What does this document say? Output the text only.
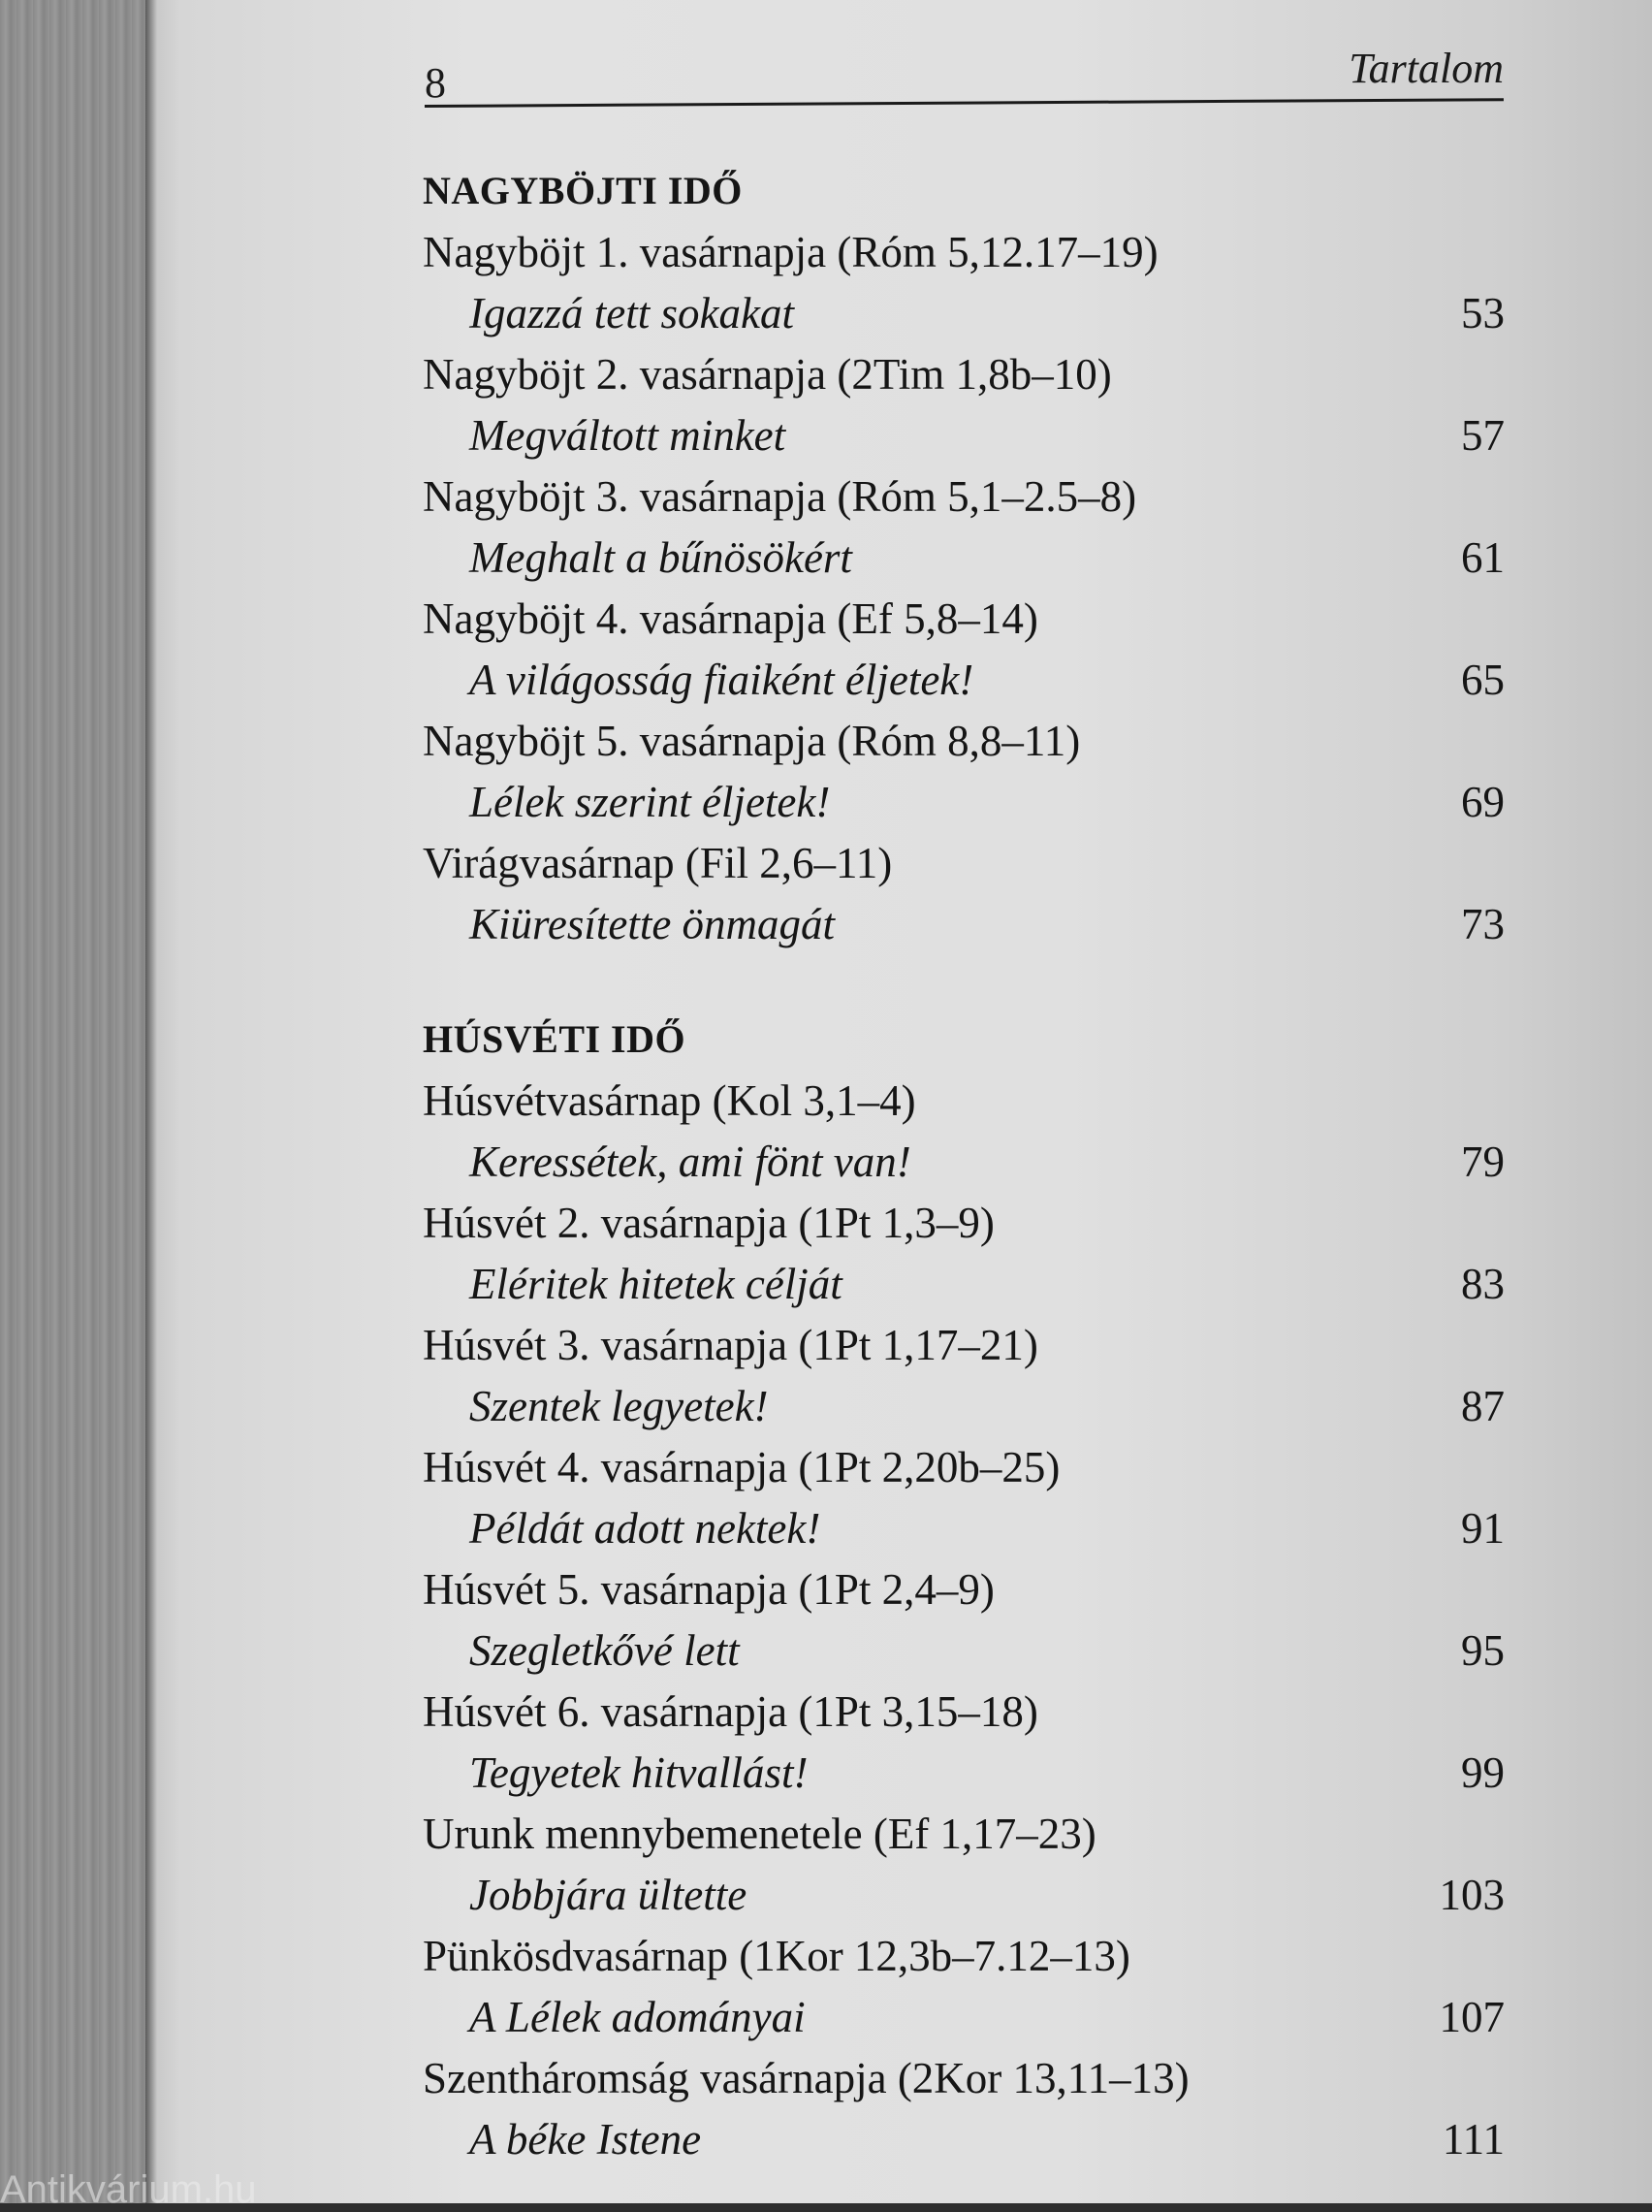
8	Tartalom
NAGYBÖJTI IDŐ
Nagyböjt 1. vasárnapja (Róm 5,12.17–19)
Igazzá tett sokakat	53
Nagyböjt 2. vasárnapja (2Tim 1,8b–10)
Megváltott minket	57
Nagyböjt 3. vasárnapja (Róm 5,1–2.5–8)
Meghalt a bűnösökért	61
Nagyböjt 4. vasárnapja (Ef 5,8–14)
A világosság fiaiként éljetek!	65
Nagyböjt 5. vasárnapja (Róm 8,8–11)
Lélek szerint éljetek!	69
Virágvasárnap (Fil 2,6–11)
Kiüresítette önmagát	73
HÚSVÉTI IDŐ
Húsvétvasárnap (Kol 3,1–4)
Keressétek, ami fönt van!	79
Húsvét 2. vasárnapja (1Pt 1,3–9)
Eléritek hitetek célját	83
Húsvét 3. vasárnapja (1Pt 1,17–21)
Szentek legyetek!	87
Húsvét 4. vasárnapja (1Pt 2,20b–25)
Példát adott nektek!	91
Húsvét 5. vasárnapja (1Pt 2,4–9)
Szegletkővé lett	95
Húsvét 6. vasárnapja (1Pt 3,15–18)
Tegyetek hitvallást!	99
Urunk mennybemenetele (Ef 1,17–23)
Jobbjára ültette	103
Pünkösdvasárnap (1Kor 12,3b–7.12–13)
A Lélek adományai	107
Szentháromság vasárnapja (2Kor 13,11–13)
A béke Istene	111
Antikvárium.hu
